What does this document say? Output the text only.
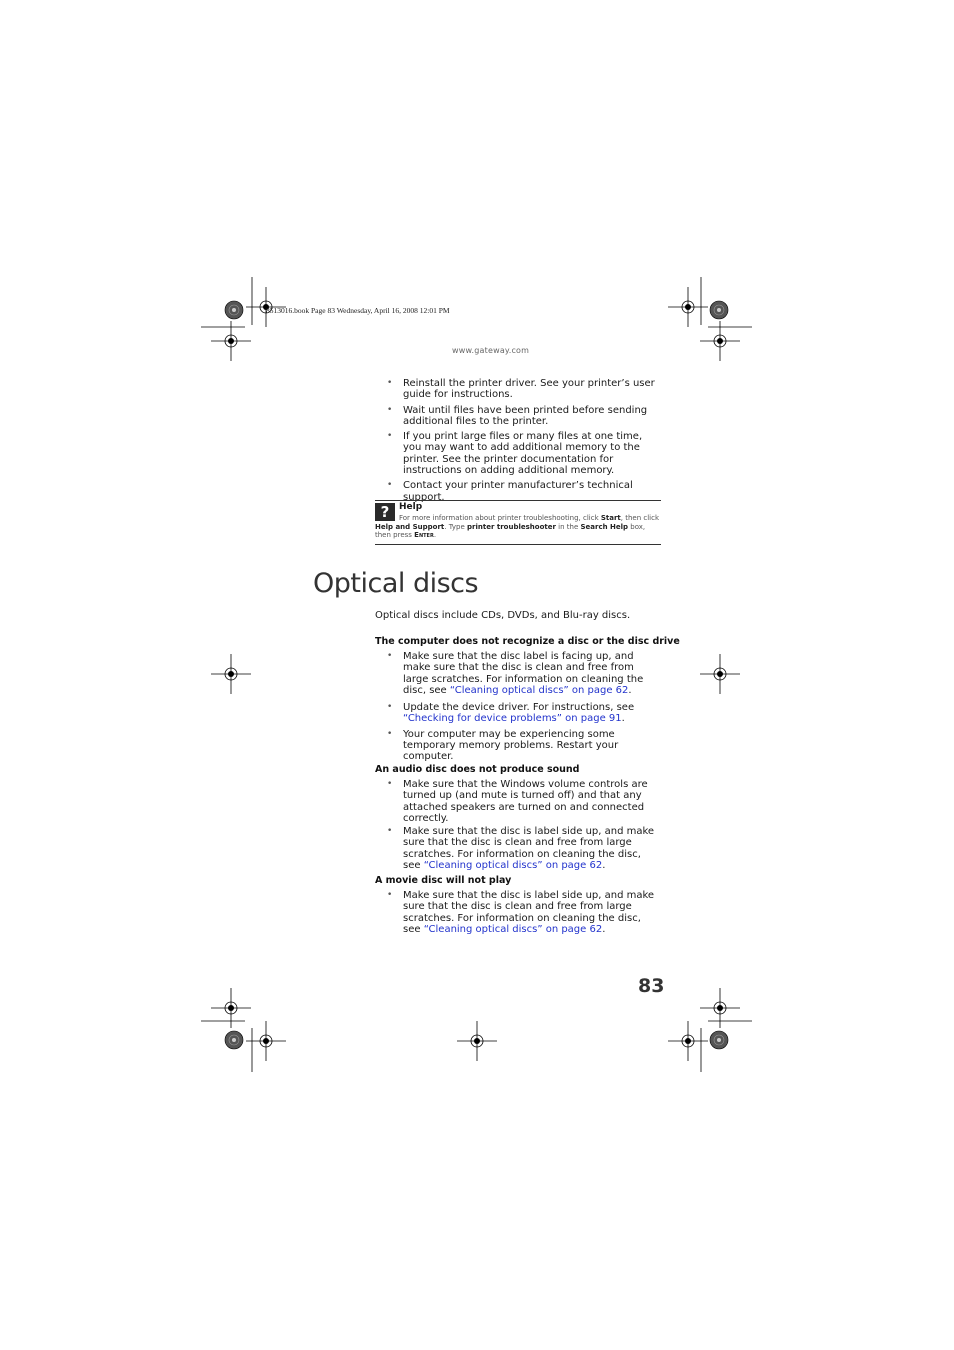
8513016.book Page 83 Wednesday, April 16, 2008 12:01 PM
www.gateway.com
• Reinstall the printer driver. See your printer’s user guide for instructions.
• Wait until files have been printed before sending additional files to the printer.
• If you print large files or many files at one time, you may want to add additional memory to the printer. See the printer documentation for instructions on adding additional memory.
• Contact your printer manufacturer’s technical support.
?	Help
For more information about printer troubleshooting, click Start, then click
Help and Support. Type printer troubleshooter in the Search Help box,
then press Enter.
Optical discs
Optical discs include CDs, DVDs, and Blu-ray discs.
The computer does not recognize a disc or the disc drive
• Make sure that the disc label is facing up, and make sure that the disc is clean and free from large scratches. For information on cleaning the disc, see “Cleaning optical discs” on page 62.
• Update the device driver. For instructions, see “Checking for device problems” on page 91.
• Your computer may be experiencing some temporary memory problems. Restart your computer.
An audio disc does not produce sound
• Make sure that the Windows volume controls are turned up (and mute is turned off) and that any attached speakers are turned on and connected correctly.
• Make sure that the disc is label side up, and make sure that the disc is clean and free from large scratches. For information on cleaning the disc, see “Cleaning optical discs” on page 62.
A movie disc will not play
• Make sure that the disc is label side up, and make sure that the disc is clean and free from large scratches. For information on cleaning the disc, see “Cleaning optical discs” on page 62.
83
